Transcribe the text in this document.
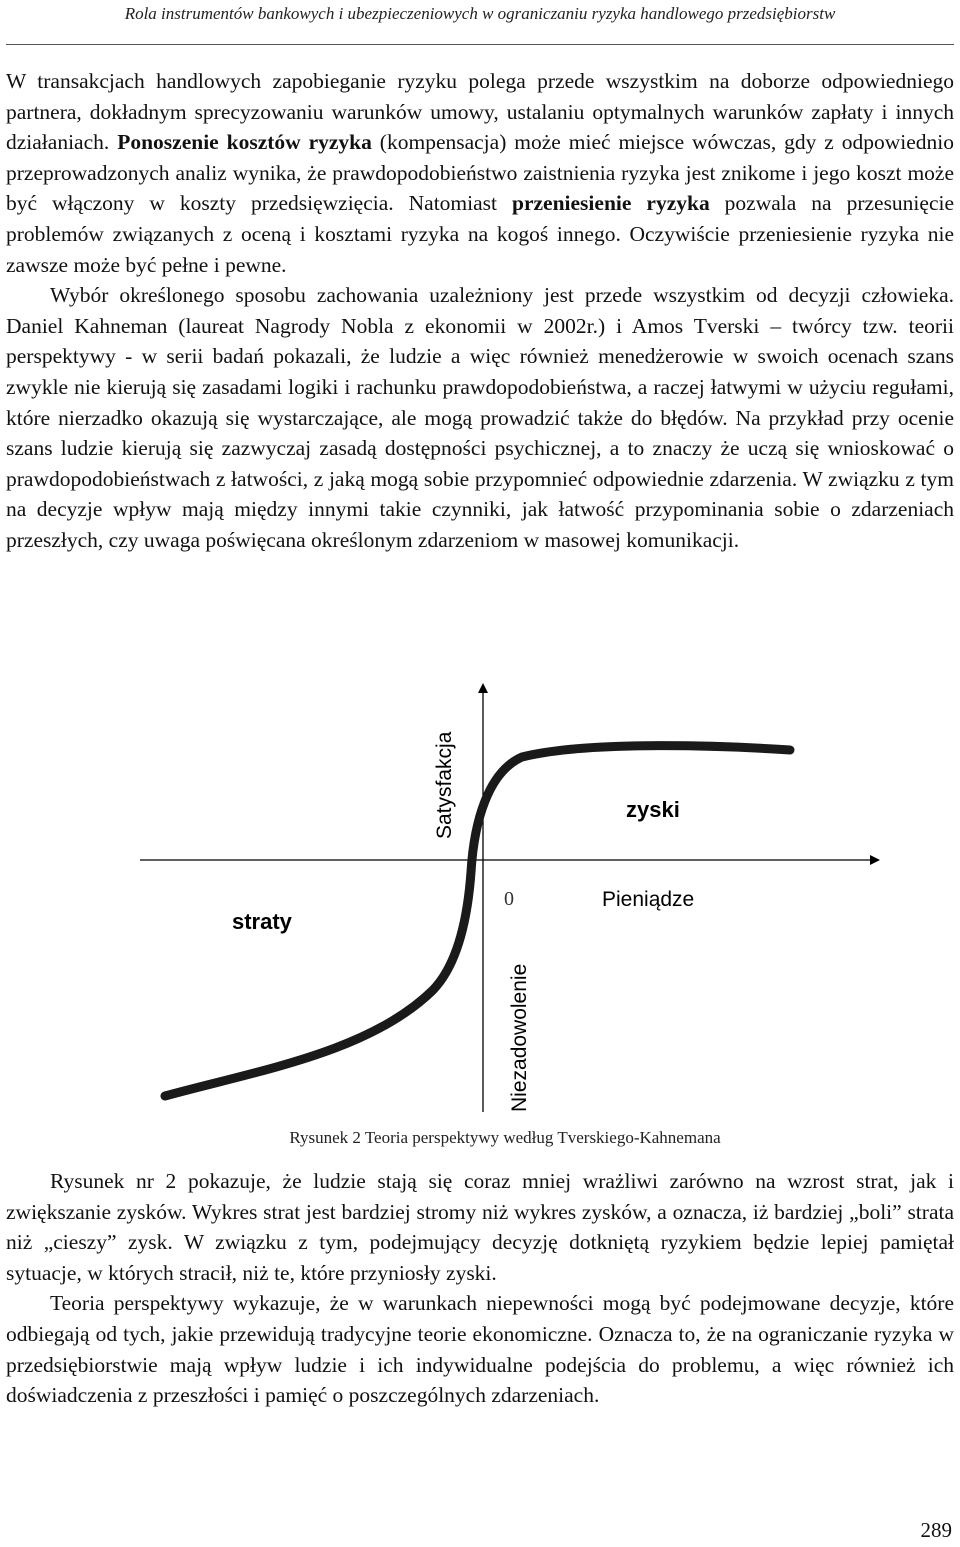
Rola instrumentów bankowych i ubezpieczeniowych w ograniczaniu ryzyka handlowego przedsiębiorstw

W transakcjach handlowych zapobieganie ryzyku polega przede wszystkim na doborze odpowiedniego partnera, dokładnym sprecyzowaniu warunków umowy, ustalaniu optymalnych warunków zapłaty i innych działaniach. Ponoszenie kosztów ryzyka (kompensacja) może mieć miejsce wówczas, gdy z odpowiednio przeprowadzonych analiz wynika, że prawdopodobieństwo zaistnienia ryzyka jest znikome i jego koszt może być włączony w koszty przedsięwzięcia. Natomiast przeniesienie ryzyka pozwala na przesunięcie problemów związanych z oceną i kosztami ryzyka na kogoś innego. Oczywiście przeniesienie ryzyka nie zawsze może być pełne i pewne.

Wybór określonego sposobu zachowania uzależniony jest przede wszystkim od decyzji człowieka. Daniel Kahneman (laureat Nagrody Nobla z ekonomii w 2002r.) i Amos Tverski – twórcy tzw. teorii perspektywy - w serii badań pokazali, że ludzie a więc również menedżerowie w swoich ocenach szans zwykle nie kierują się zasadami logiki i rachunku prawdopodobieństwa, a raczej łatwymi w użyciu regułami, które nierzadko okazują się wystarczające, ale mogą prowadzić także do błędów. Na przykład przy ocenie szans ludzie kierują się zazwyczaj zasadą dostępności psychicznej, a to znaczy że uczą się wnioskować o prawdopodobieństwach z łatwości, z jaką mogą sobie przypomnieć odpowiednie zdarzenia. W związku z tym na decyzje wpływ mają między innymi takie czynniki, jak łatwość przypominania sobie o zdarzeniach przeszłych, czy uwaga poświęcana określonym zdarzeniom w masowej komunikacji.

Satysfakcja
Niezadowolenie
Pieniądze
0
zyski
straty
Rysunek 2 Teoria perspektywy według Tverskiego-Kahnemana

Rysunek nr 2 pokazuje, że ludzie stają się coraz mniej wrażliwi zarówno na wzrost strat, jak i zwiększanie zysków. Wykres strat jest bardziej stromy niż wykres zysków, a oznacza, iż bardziej „boli” strata niż „cieszy” zysk. W związku z tym, podejmujący decyzję dotkniętą ryzykiem będzie lepiej pamiętał sytuacje, w których stracił, niż te, które przyniosły zyski.

Teoria perspektywy wykazuje, że w warunkach niepewności mogą być podejmowane decyzje, które odbiegają od tych, jakie przewidują tradycyjne teorie ekonomiczne. Oznacza to, że na ograniczanie ryzyka w przedsiębiorstwie mają wpływ ludzie i ich indywidualne podejścia do problemu, a więc również ich doświadczenia z przeszłości i pamięć o poszczególnych zdarzeniach.

289
